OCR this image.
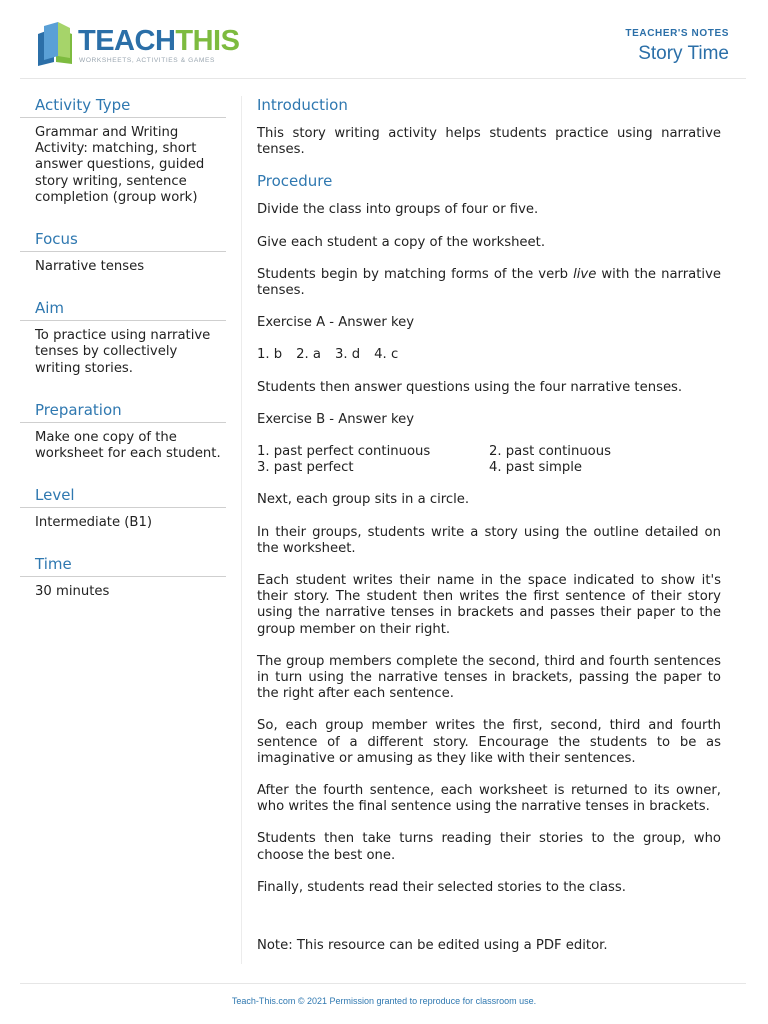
TEACHTHIS
WORKSHEETS, ACTIVITIES & GAMES
TEACHER'S NOTES
Story Time
Activity Type
Grammar and Writing Activity: matching, short answer questions, guided story writing, sentence completion (group work)
Focus
Narrative tenses
Aim
To practice using narrative tenses by collectively writing stories.
Preparation
Make one copy of the worksheet for each student.
Level
Intermediate (B1)
Time
30 minutes
Introduction

This story writing activity helps students practice using narrative tenses.

Procedure

Divide the class into groups of four or five.

Give each student a copy of the worksheet.

Students begin by matching forms of the verb live with the narrative tenses.

Exercise A - Answer key

1. b 2. a 3. d 4. c

Students then answer questions using the four narrative tenses.

Exercise B - Answer key

1. past perfect continuous	2. past continuous
3. past perfect	4. past simple

Next, each group sits in a circle.

In their groups, students write a story using the outline detailed on the worksheet.

Each student writes their name in the space indicated to show it's their story. The student then writes the first sentence of their story using the narrative tenses in brackets and passes their paper to the group member on their right.

The group members complete the second, third and fourth sentences in turn using the narrative tenses in brackets, passing the paper to the right after each sentence.

So, each group member writes the first, second, third and fourth sentence of a different story. Encourage the students to be as imaginative or amusing as they like with their sentences.

After the fourth sentence, each worksheet is returned to its owner, who writes the final sentence using the narrative tenses in brackets.

Students then take turns reading their stories to the group, who choose the best one.

Finally, students read their selected stories to the class.

Note: This resource can be edited using a PDF editor.

Teach-This.com © 2021 Permission granted to reproduce for classroom use.
